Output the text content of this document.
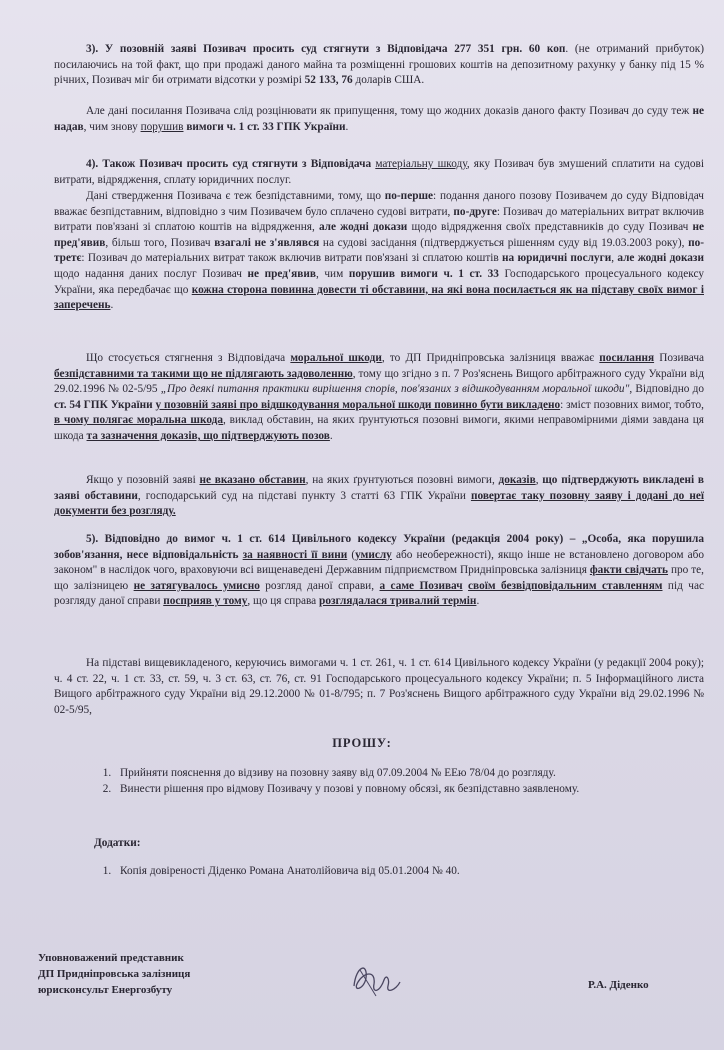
3). У позовній заяві Позивач просить суд стягнути з Відповідача 277 351 грн. 60 коп. (не отриманий прибуток) посилаючись на той факт, що при продажі даного майна та розміщенні грошових коштів на депозитному рахунку у банку під 15 % річних, Позивач міг би отримати відсотки у розмірі 52 133, 76 доларів США.

Але дані посилання Позивача слід розцінювати як припущення, тому що жодних доказів даного факту Позивач до суду теж не надав, чим знову порушив вимоги ч. 1 ст. 33 ГПК України.

4). Також Позивач просить суд стягнути з Відповідача матеріальну шкоду, яку Позивач був змушений сплатити на судові витрати, відрядження, сплату юридичних послуг.

Дані ствердження Позивача є теж безпідставними, тому, що по-перше: подання даного позову Позивачем до суду Відповідач вважає безпідставним, відповідно з чим Позивачем було сплачено судові витрати, по-друге: Позивач до матеріальних витрат включив витрати пов'язані зі сплатою коштів на відрядження, але жодні докази щодо відрядження своїх представників до суду Позивач не пред'явив, більш того, Позивач взагалі не з'являвся на судові засідання (підтверджується рішенням суду від 19.03.2003 року), по-третє: Позивач до матеріальних витрат також включив витрати пов'язані зі сплатою коштів на юридичні послуги, але жодні докази щодо надання даних послуг Позивач не пред'явив, чим порушив вимоги ч. 1 ст. 33 Господарського процесуального кодексу України, яка передбачає що кожна сторона повинна довести ті обставини, на які вона посилається як на підставу своїх вимог і заперечень.

Що стосується стягнення з Відповідача моральної шкоди, то ДП Придніпровська залізниця вважає посилання Позивача безпідставними та такими що не підлягають задоволенню, тому що згідно з п. 7 Роз'яснень Вищого арбітражного суду України від 29.02.1996 № 02-5/95 „Про деякі питання практики вирішення спорів, пов'язаних з відшкодуванням моральної шкоди", Відповідно до ст. 54 ГПК України у позовній заяві про відшкодування моральної шкоди повинно бути викладено: зміст позовних вимог, тобто, в чому полягає моральна шкода, виклад обставин, на яких ґрунтуються позовні вимоги, якими неправомірними діями завдана ця шкода та зазначення доказів, що підтверджують позов.

Якщо у позовній заяві не вказано обставин, на яких ґрунтуються позовні вимоги, доказів, що підтверджують викладені в заяві обставини, господарський суд на підставі пункту 3 статті 63 ГПК України повертає таку позовну заяву і додані до неї документи без розгляду.

5). Відповідно до вимог ч. 1 ст. 614 Цивільного кодексу України (редакція 2004 року) – „Особа, яка порушила зобов'язання, несе відповідальність за наявності її вини (умислу або необережності), якщо інше не встановлено договором або законом" в наслідок чого, враховуючи всі вищенаведені Державним підприємством Придніпровська залізниця факти свідчать про те, що залізницею не затягувалось умисно розгляд даної справи, а саме Позивач своїм безвідповідальним ставленням під час розгляду даної справи посприяв у тому, що ця справа розглядалася тривалий термін.

На підставі вищевикладеного, керуючись вимогами ч. 1 ст. 261, ч. 1 ст. 614 Цивільного кодексу України (у редакції 2004 року); ч. 4 ст. 22, ч. 1 ст. 33, ст. 59, ч. 3 ст. 63, ст. 76, ст. 91 Господарського процесуального кодексу України; п. 5 Інформаційного листа Вищого арбітражного суду України від 29.12.2000 № 01-8/795; п. 7 Роз'яснень Вищого арбітражного суду України від 29.02.1996 № 02-5/95,

ПРОШУ:
1. Прийняти пояснення до відзиву на позовну заяву від 07.09.2004 № ЕЕю 78/04 до розгляду.
2. Винести рішення про відмову Позивачу у позові у повному обсязі, як безпідставно заявленому.

Додатки:

1. Копія довіреності Діденко Романа Анатолійовича від 05.01.2004 № 40.
Уповноважений представник
ДП Придніпровська залізниця
юрисконсульт Енергозбуту	Р.А. Діденко
